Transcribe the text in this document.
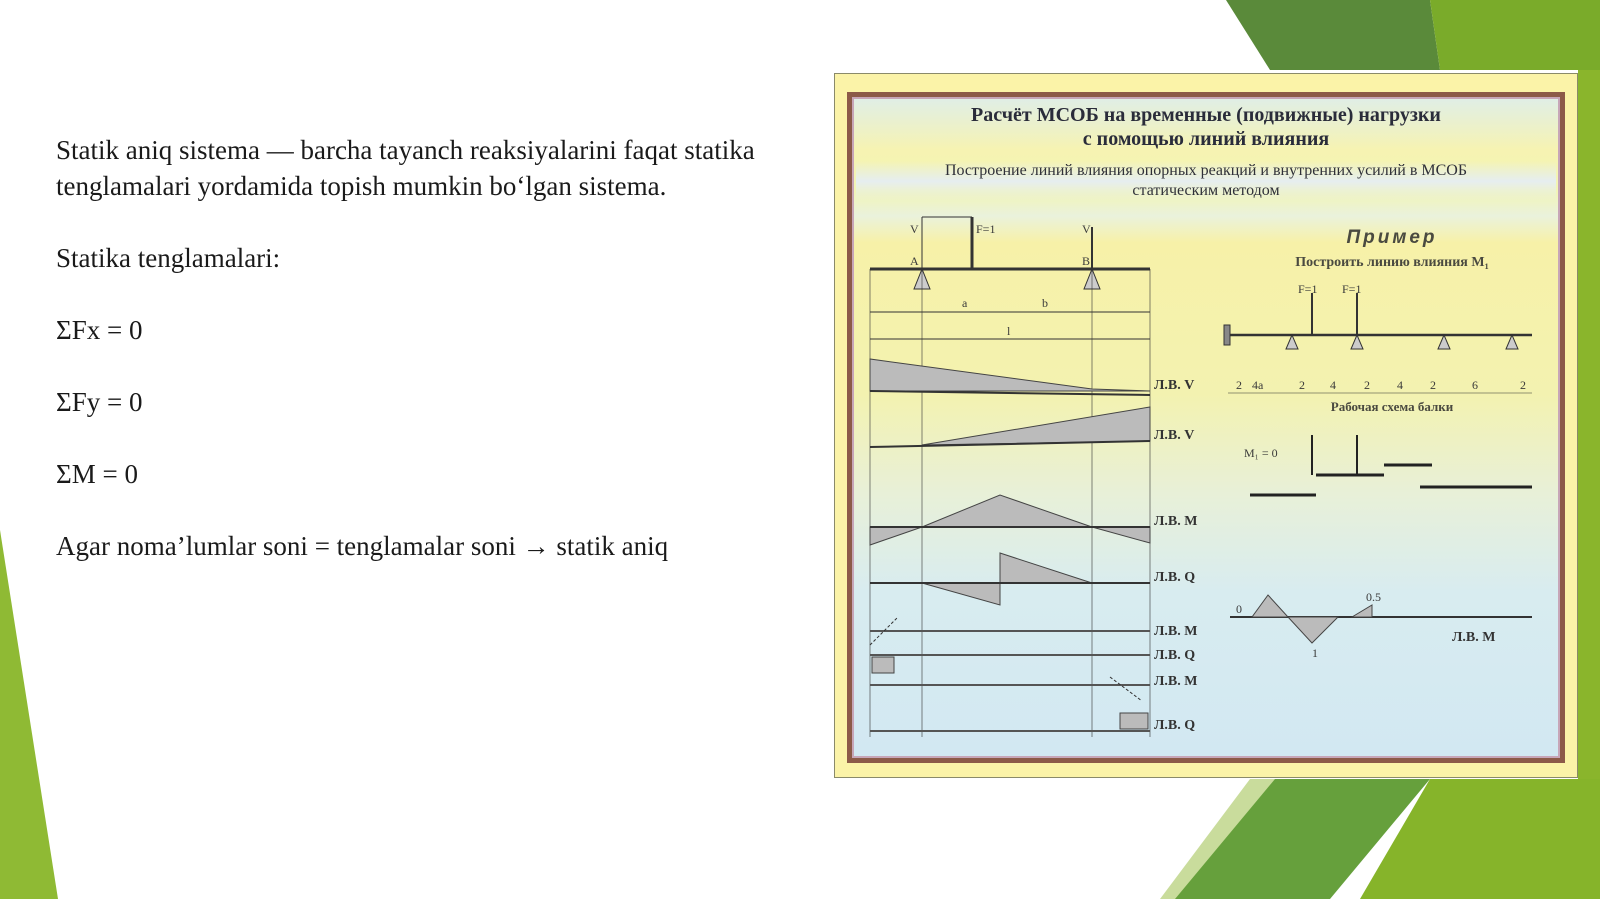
Statik aniq sistema — barcha tayanch reaksiyalarini faqat statika

tenglamalari yordamida topish mumkin bo‘lgan sistema.

Statika tenglamalari:

ΣFx = 0

ΣFy = 0

ΣM = 0

Agar noma’lumlar soni = tenglamalar soni → statik aniq

Расчёт МСОБ на временные (подвижные) нагрузки
с помощью линий влияния
Построение линий влияния опорных реакций и внутренних усилий в МСОБ
статическим методом
Пример
Построить линию влияния M₁
Рабочая схема балки
V	F=1	V
A	B
a	b
l
Л.В. V
Л.В. V
Л.В. M
Л.В. Q
Л.В. M
Л.В. Q
Л.В. M
Л.В. Q
2 4a	2 4 2 4 2	6	2
F=1 F=1
M₁ = 0
0
0.5
1
Л.В. M
